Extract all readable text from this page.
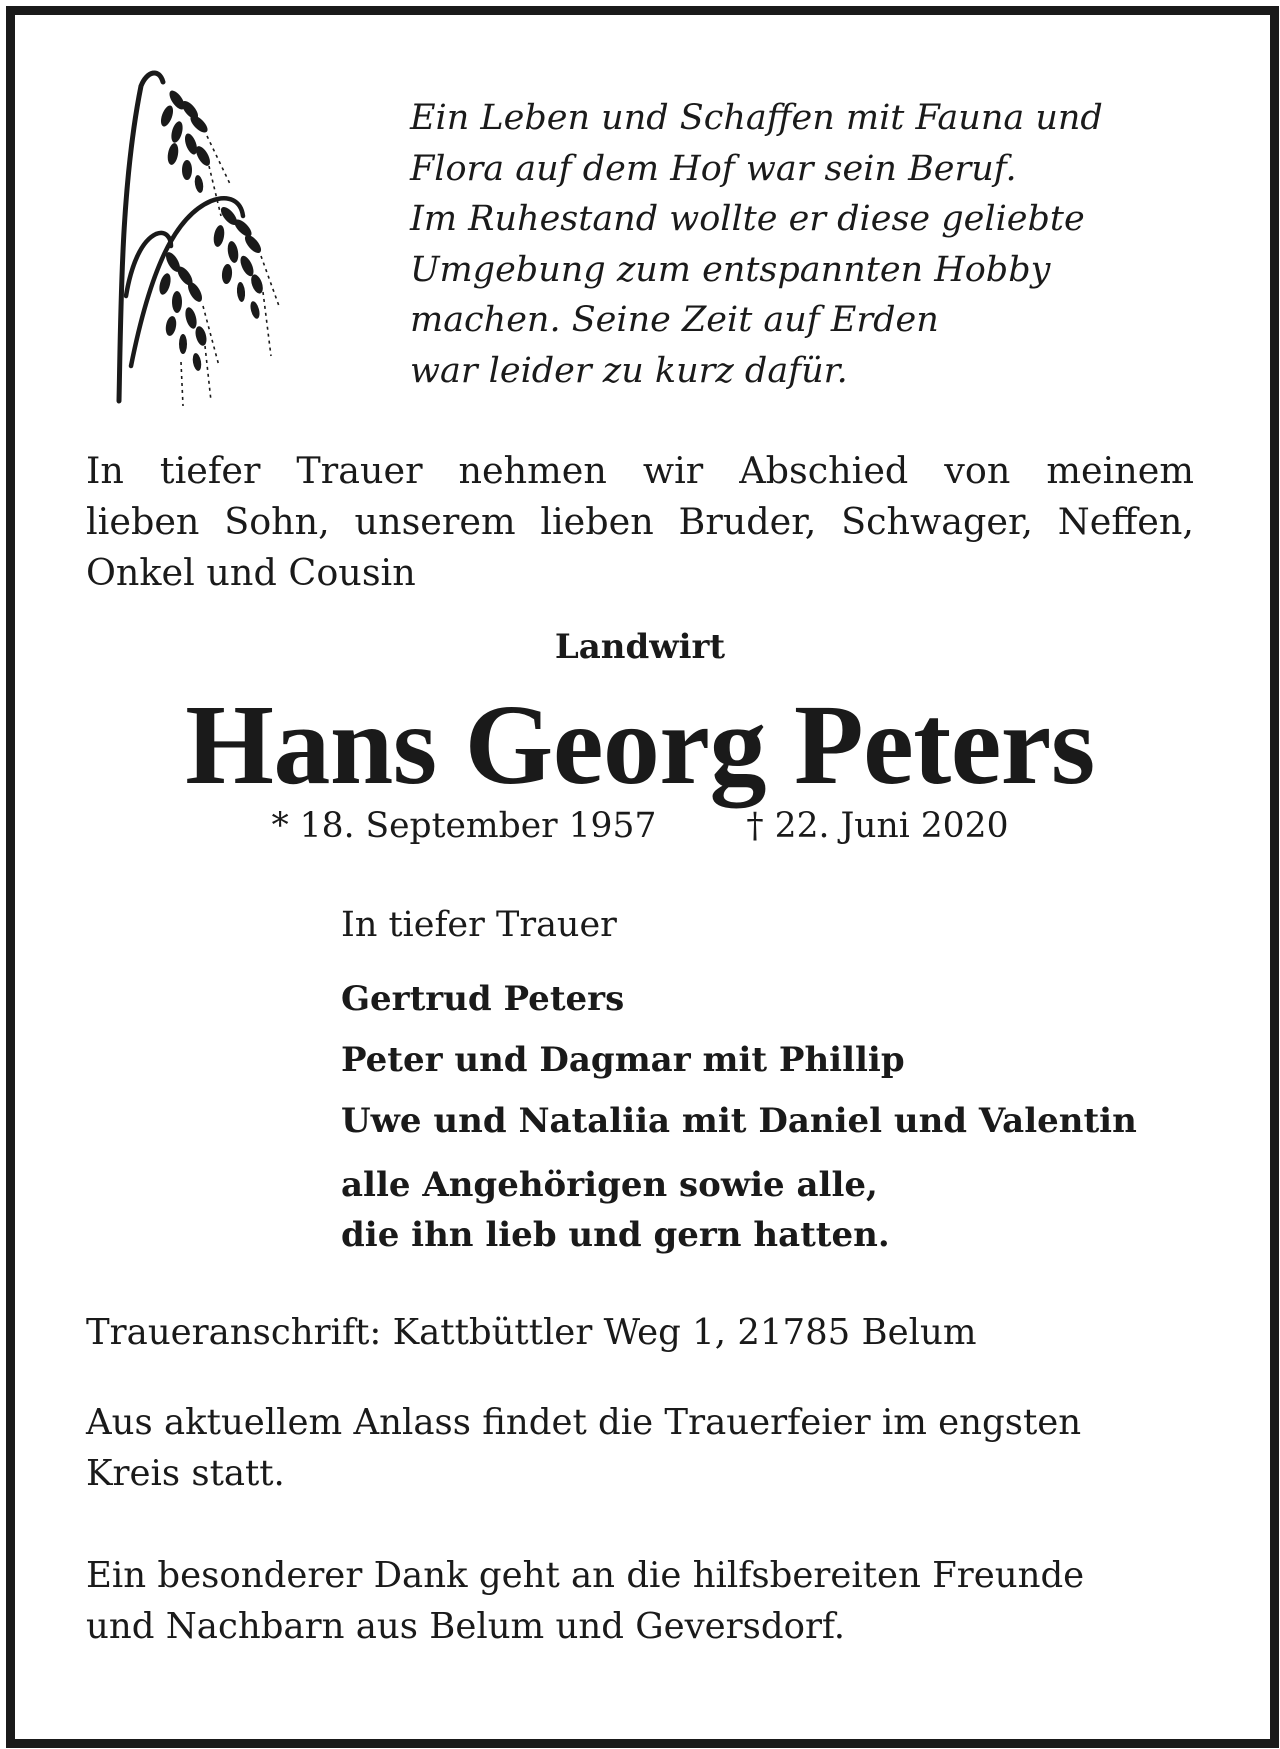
Ein Leben und Schaffen mit Fauna und
Flora auf dem Hof war sein Beruf.
Im Ruhestand wollte er diese geliebte
Umgebung zum entspannten Hobby
machen. Seine Zeit auf Erden
war leider zu kurz dafür.
In tiefer Trauer nehmen wir Abschied von meinem
lieben Sohn, unserem lieben Bruder, Schwager, Neffen,
Onkel und Cousin
Landwirt
Hans Georg Peters
* 18. September 1957	† 22. Juni 2020
In tiefer Trauer
Gertrud Peters
Peter und Dagmar mit Phillip
Uwe und Nataliia mit Daniel und Valentin
alle Angehörigen sowie alle,
die ihn lieb und gern hatten.
Traueranschrift: Kattbüttler Weg 1, 21785 Belum
Aus aktuellem Anlass findet die Trauerfeier im engsten
Kreis statt.
Ein besonderer Dank geht an die hilfsbereiten Freunde
und Nachbarn aus Belum und Geversdorf.
